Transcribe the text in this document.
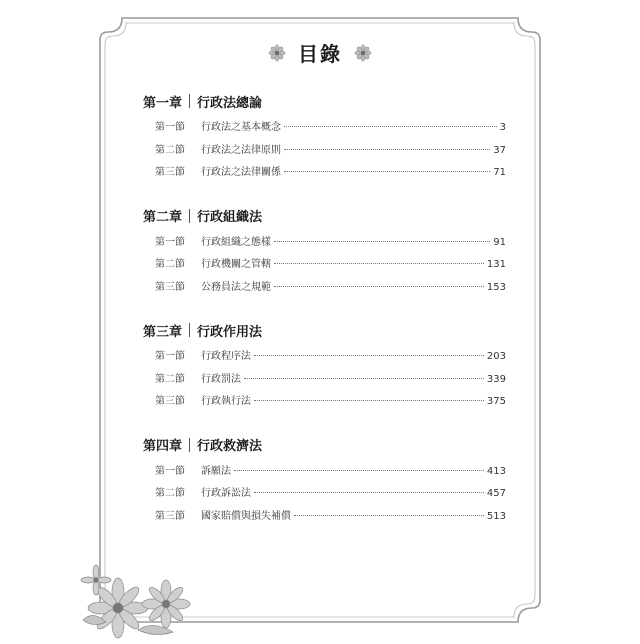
目錄
第一章 行政法總論
第一節	行政法之基本概念	3
第二節	行政法之法律原則	37
第三節	行政法之法律關係	71
第二章 行政組織法
第一節	行政組織之態樣	91
第二節	行政機關之管轄	131
第三節	公務員法之規範	153
第三章 行政作用法
第一節	行政程序法	203
第二節	行政罰法	339
第三節	行政執行法	375
第四章 行政救濟法
第一節	訴願法	413
第二節	行政訴訟法	457
第三節	國家賠償與損失補償	513
